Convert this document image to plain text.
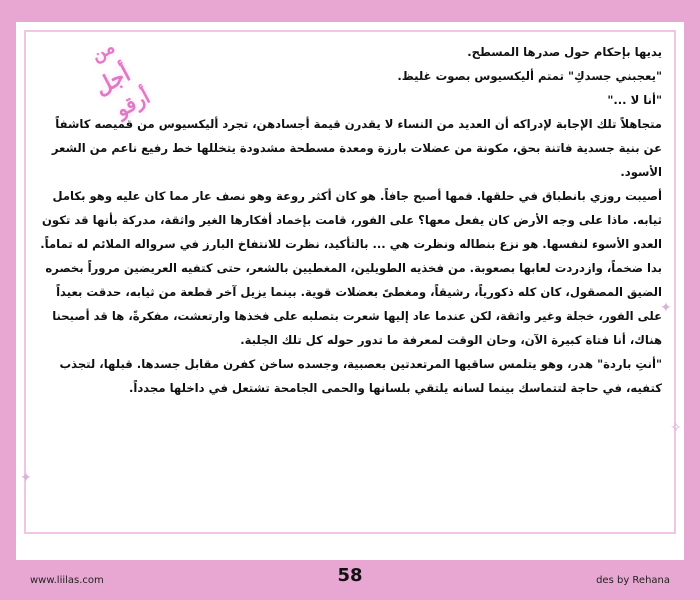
✦
✧
✦
من
أجل
أرقو

يديها بإحكام حول صدرها المسطح.

"يعجبني جسدكِ" تمتم أليكسيوس بصوت غليظ.

"أنا لا ..."

متجاهلاً تلك الإجابة لإدراكه أن العديد من النساء لا يقدرن قيمة أجسادهن، تجرد أليكسيوس من قميصه كاشفاً عن بنية جسدية فاتنة بحق، مكونة من عضلات بارزة ومعدة مسطحة مشدودة يتخللها خط رفيع ناعم من الشعر الأسود.

أصيبت روزي بانطباق في حلقها. فمها أصبح جافاً. هو كان أكثر روعة وهو نصف عار مما كان عليه وهو بكامل ثيابه. ماذا على وجه الأرض كان يفعل معها؟ على الفور، قامت بإخماد أفكارها الغير واثقة، مدركة بأنها قد تكون العدو الأسوء لنفسها. هو نزع بنطاله ونظرت هي ... بالتأكيد، نظرت للانتفاخ البارز في سرواله الملائم له تماماً. بدا ضخماً، وازدردت لعابها بصعوبة. من فخذيه الطويلين، المغطيين بالشعر، حتى كتفيه العريضين مروراً بخصره الضيق المصقول، كان كله ذكورياً، رشيقاً، ومغطىً بعضلات قوية. بينما يزيل آخر قطعة من ثيابه، حدقت بعيداً على الفور، خجلة وغير واثقة، لكن عندما عاد إليها شعرت بتصلبه على فخذها وارتعشت، مفكرةً، ها قد أصبحنا هناك، أنا فتاة كبيرة الآن، وحان الوقت لمعرفة ما تدور حوله كل تلك الجلبة.

"أنتِ باردة" هدر، وهو يتلمس ساقيها المرتعدتين بعصبية، وجسده ساخن كفرن مقابل جسدها. قبلها، لتجذب كتفيه، في حاجة لتتماسك بينما لسانه يلتقي بلسانها والحمى الجامحة تشتعل في داخلها مجدداً.

www.liilas.com	58	des by Rehana
